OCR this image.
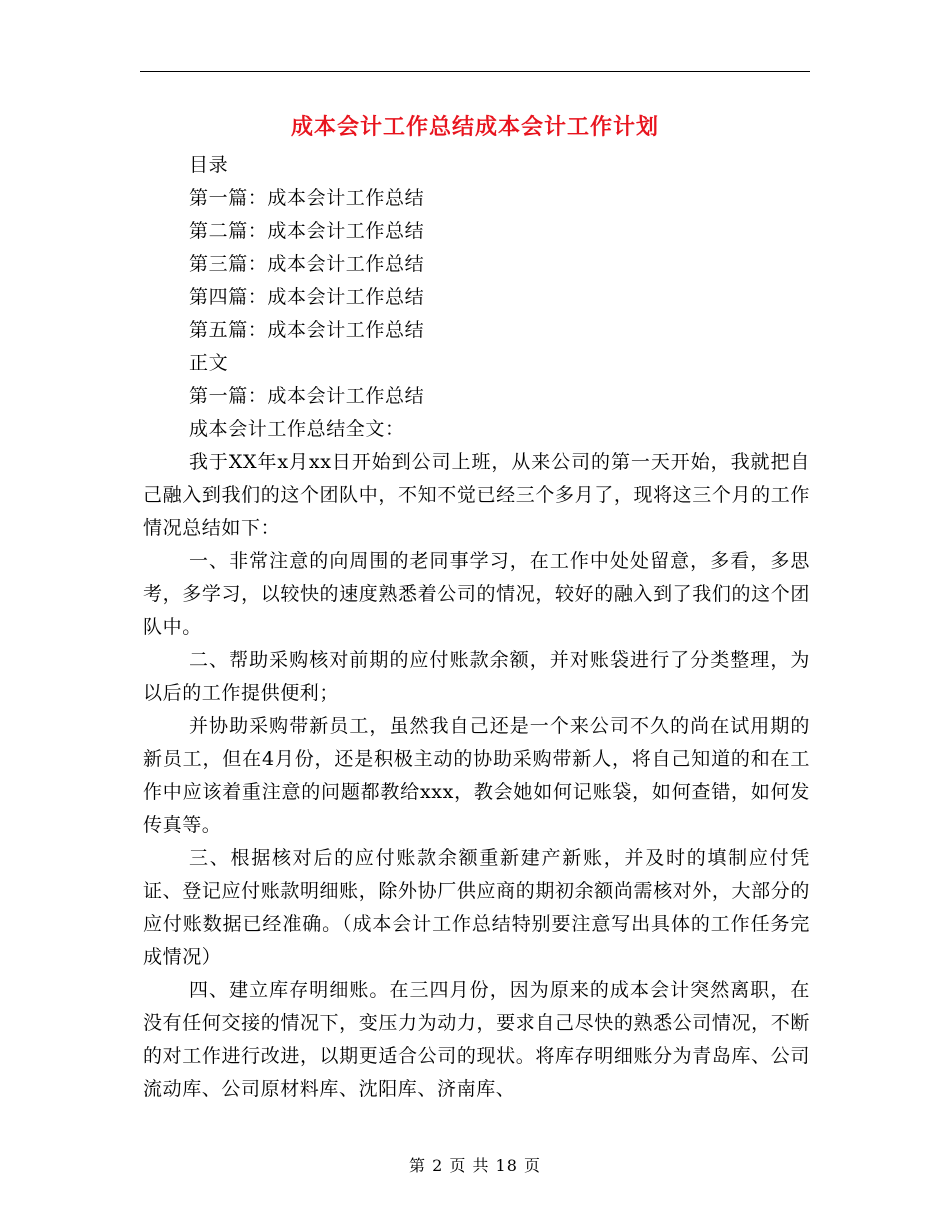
成本会计工作总结成本会计工作计划
目录
第一篇：成本会计工作总结
第二篇：成本会计工作总结
第三篇：成本会计工作总结
第四篇：成本会计工作总结
第五篇：成本会计工作总结
正文
第一篇：成本会计工作总结
成本会计工作总结全文：

我于XX年x月xx日开始到公司上班，从来公司的第一天开始，我就把自己融入到我们的这个团队中，不知不觉已经三个多月了，现将这三个月的工作情况总结如下：

一、非常注意的向周围的老同事学习，在工作中处处留意，多看，多思考，多学习，以较快的速度熟悉着公司的情况，较好的融入到了我们的这个团队中。

二、帮助采购核对前期的应付账款余额，并对账袋进行了分类整理，为以后的工作提供便利；

并协助采购带新员工，虽然我自己还是一个来公司不久的尚在试用期的新员工，但在4月份，还是积极主动的协助采购带新人，将自己知道的和在工作中应该着重注意的问题都教给xxx，教会她如何记账袋，如何查错，如何发传真等。

三、根据核对后的应付账款余额重新建产新账，并及时的填制应付凭证、登记应付账款明细账，除外协厂供应商的期初余额尚需核对外，大部分的应付账数据已经准确。（成本会计工作总结特别要注意写出具体的工作任务完成情况）

四、建立库存明细账。在三四月份，因为原来的成本会计突然离职，在没有任何交接的情况下，变压力为动力，要求自己尽快的熟悉公司情况，不断的对工作进行改进，以期更适合公司的现状。将库存明细账分为青岛库、公司流动库、公司原材料库、沈阳库、济南库、

第 2 页 共 18 页
